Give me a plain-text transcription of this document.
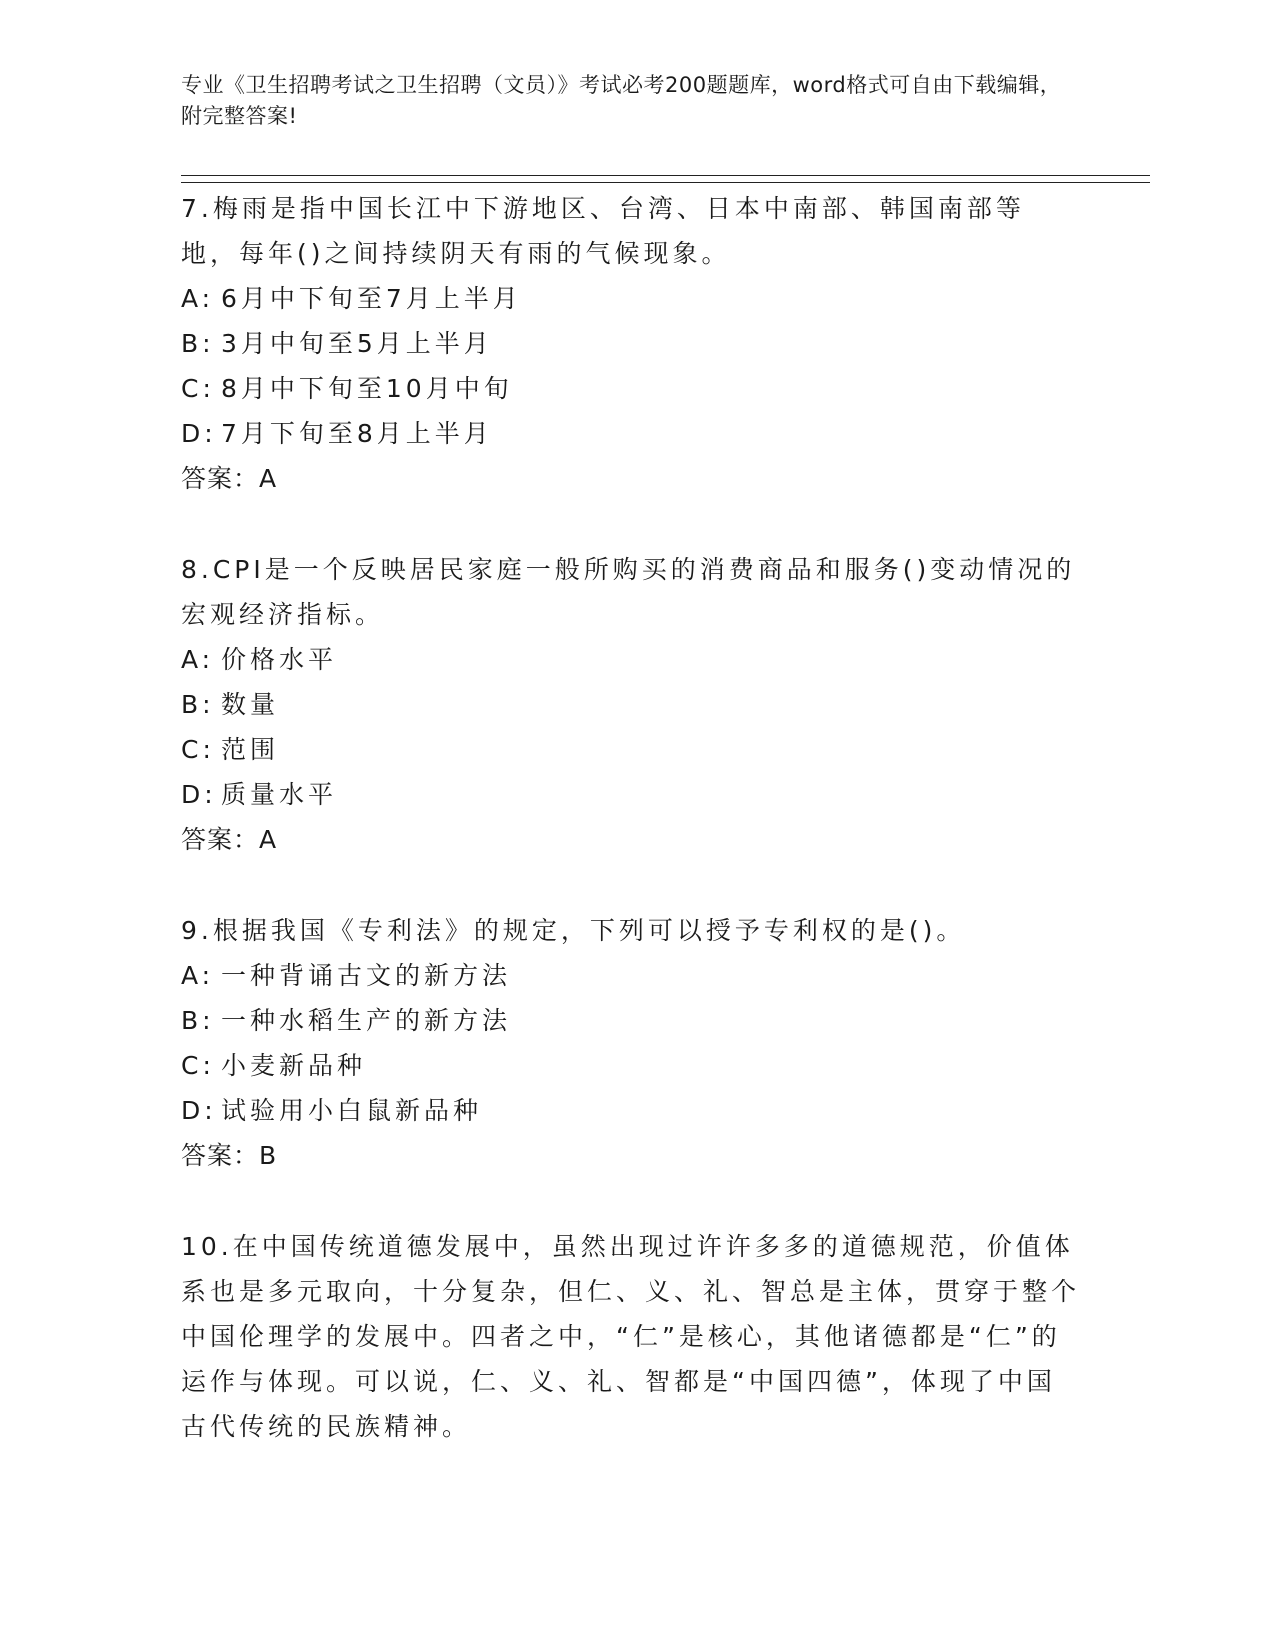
专业《卫生招聘考试之卫生招聘（文员）》考试必考200题题库，word格式可自由下载编辑，附完整答案!

7.梅雨是指中国长江中下游地区、台湾、日本中南部、韩国南部等地，每年()之间持续阴天有雨的气候现象。

A: 6月中下旬至7月上半月

B: 3月中旬至5月上半月

C: 8月中下旬至10月中旬

D: 7月下旬至8月上半月

答案：A

8.CPI是一个反映居民家庭一般所购买的消费商品和服务()变动情况的宏观经济指标。

A: 价格水平

B: 数量

C: 范围

D: 质量水平

答案：A

9.根据我国《专利法》的规定，下列可以授予专利权的是()。

A: 一种背诵古文的新方法

B: 一种水稻生产的新方法

C: 小麦新品种

D: 试验用小白鼠新品种

答案：B

10.在中国传统道德发展中，虽然出现过许许多多的道德规范，价值体系也是多元取向，十分复杂，但仁、义、礼、智总是主体，贯穿于整个中国伦理学的发展中。四者之中，“仁”是核心，其他诸德都是“仁”的运作与体现。可以说，仁、义、礼、智都是“中国四德”，体现了中国古代传统的民族精神。
